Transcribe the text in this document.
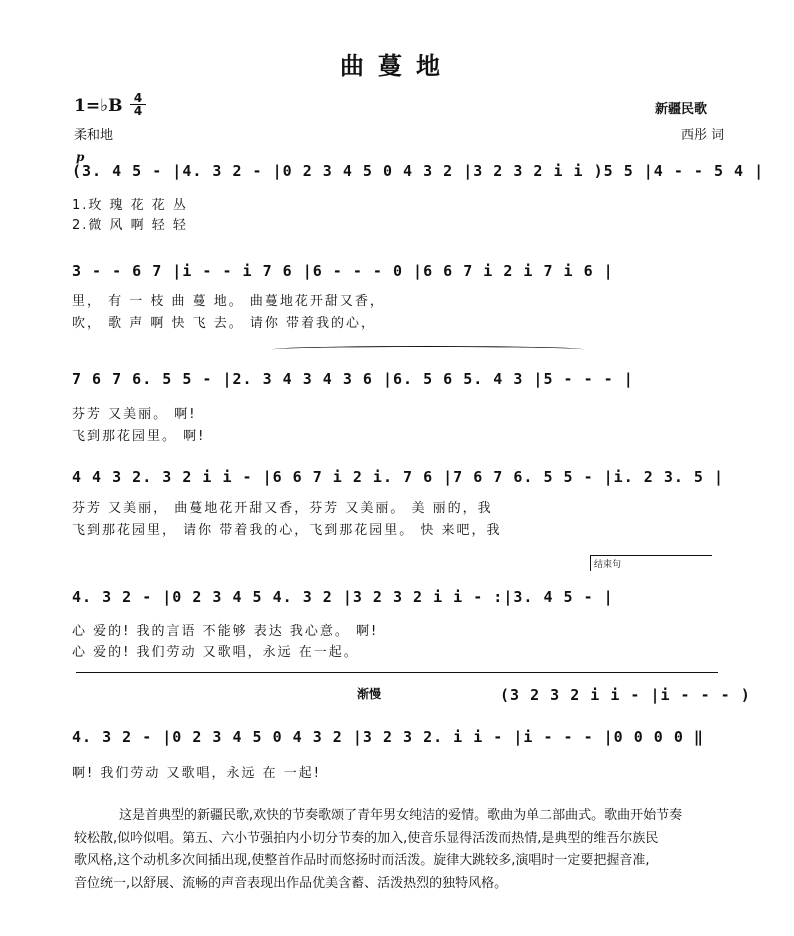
曲蔓地
1=♭B 4
4
柔和地
新疆民歌
西彤 词
p
(3. 4 5 - |4. 3 2 - |0 2 3 4 5 0 4 3 2 |3 2 3 2 i i )5 5 |4 - - 5 4 |
1.玫 瑰 花 花 丛
2.微 风 啊 轻 轻
3 - - 6 7 |i - - i 7 6 |6 - - - 0 |6 6 7 i 2 i 7 i 6 |
里， 有 一 枝 曲 蔓 地。 曲蔓地花开甜又香，
吹， 歌 声 啊 快 飞 去。 请你 带着我的心，
7 6 7 6. 5 5 - |2. 3 4 3 4 3 6 |6. 5 6 5. 4 3 |5 - - - |
芬芳 又美丽。 啊!
飞到那花园里。 啊!
4 4 3 2. 3 2 i i - |6 6 7 i 2 i. 7 6 |7 6 7 6. 5 5 - |i. 2 3. 5 |
芬芳 又美丽， 曲蔓地花开甜又香，芬芳 又美丽。 美 丽的，我
飞到那花园里， 请你 带着我的心，飞到那花园里。 快 来吧，我
结束句
4. 3 2 - |0 2 3 4 5 4. 3 2 |3 2 3 2 i i - :|3. 4 5 - |
心 爱的! 我的言语 不能够 表达 我心意。 啊!
心 爱的! 我们劳动 又歌唱，永远 在一起。
渐慢	(3 2 3 2 i i - |i - - - )
4. 3 2 - |0 2 3 4 5 0 4 3 2 |3 2 3 2. i i - |i - - - |0 0 0 0 ‖
啊! 我们劳动 又歌唱，永远 在 一起!
这是首典型的新疆民歌,欢快的节奏歌颂了青年男女纯洁的爱情。歌曲为单二部曲式。歌曲开始节奏
较松散,似吟似唱。第五、六小节强拍内小切分节奏的加入,使音乐显得活泼而热情,是典型的维吾尔族民
歌风格,这个动机多次间插出现,使整首作品时而悠扬时而活泼。旋律大跳较多,演唱时一定要把握音准,
音位统一,以舒展、流畅的声音表现出作品优美含蓄、活泼热烈的独特风格。
